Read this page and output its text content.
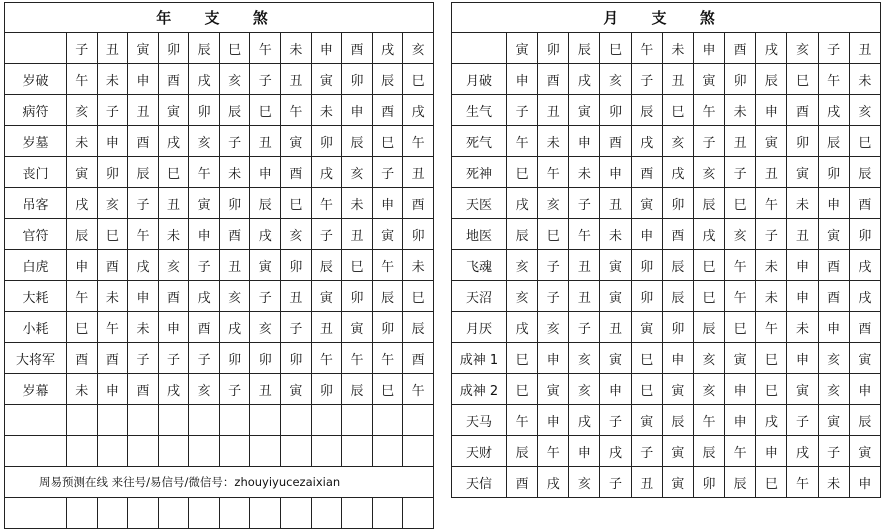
年 支 煞												
	子	丑	寅	卯	辰	巳	午	未	申	酉	戌	亥
岁破	午	未	申	酉	戌	亥	子	丑	寅	卯	辰	巳
病符	亥	子	丑	寅	卯	辰	巳	午	未	申	酉	戌
岁墓	未	申	酉	戌	亥	子	丑	寅	卯	辰	巳	午
丧门	寅	卯	辰	巳	午	未	申	酉	戌	亥	子	丑
吊客	戌	亥	子	丑	寅	卯	辰	巳	午	未	申	酉
官符	辰	巳	午	未	申	酉	戌	亥	子	丑	寅	卯
白虎	申	酉	戌	亥	子	丑	寅	卯	辰	巳	午	未
大耗	午	未	申	酉	戌	亥	子	丑	寅	卯	辰	巳
小耗	巳	午	未	申	酉	戌	亥	子	丑	寅	卯	辰
大将军	酉	酉	子	子	子	卯	卯	卯	午	午	午	酉
岁幕	未	申	酉	戌	亥	子	丑	寅	卯	辰	巳	午

周易预测在线 来往号/易信号/微信号：zhouyiyucezaixian												

月 支 煞												
	寅	卯	辰	巳	午	未	申	酉	戌	亥	子	丑
月破	申	酉	戌	亥	子	丑	寅	卯	辰	巳	午	未
生气	子	丑	寅	卯	辰	巳	午	未	申	酉	戌	亥
死气	午	未	申	酉	戌	亥	子	丑	寅	卯	辰	巳
死神	巳	午	未	申	酉	戌	亥	子	丑	寅	卯	辰
天医	戌	亥	子	丑	寅	卯	辰	巳	午	未	申	酉
地医	辰	巳	午	未	申	酉	戌	亥	子	丑	寅	卯
飞魂	亥	子	丑	寅	卯	辰	巳	午	未	申	酉	戌
天沼	亥	子	丑	寅	卯	辰	巳	午	未	申	酉	戌
月厌	戌	亥	子	丑	寅	卯	辰	巳	午	未	申	酉
成神 1	巳	申	亥	寅	巳	申	亥	寅	巳	申	亥	寅
成神 2	巳	寅	亥	申	巳	寅	亥	申	巳	寅	亥	申
天马	午	申	戌	子	寅	辰	午	申	戌	子	寅	辰
天财	辰	午	申	戌	子	寅	辰	午	申	戌	子	寅
天信	酉	戌	亥	子	丑	寅	卯	辰	巳	午	未	申
